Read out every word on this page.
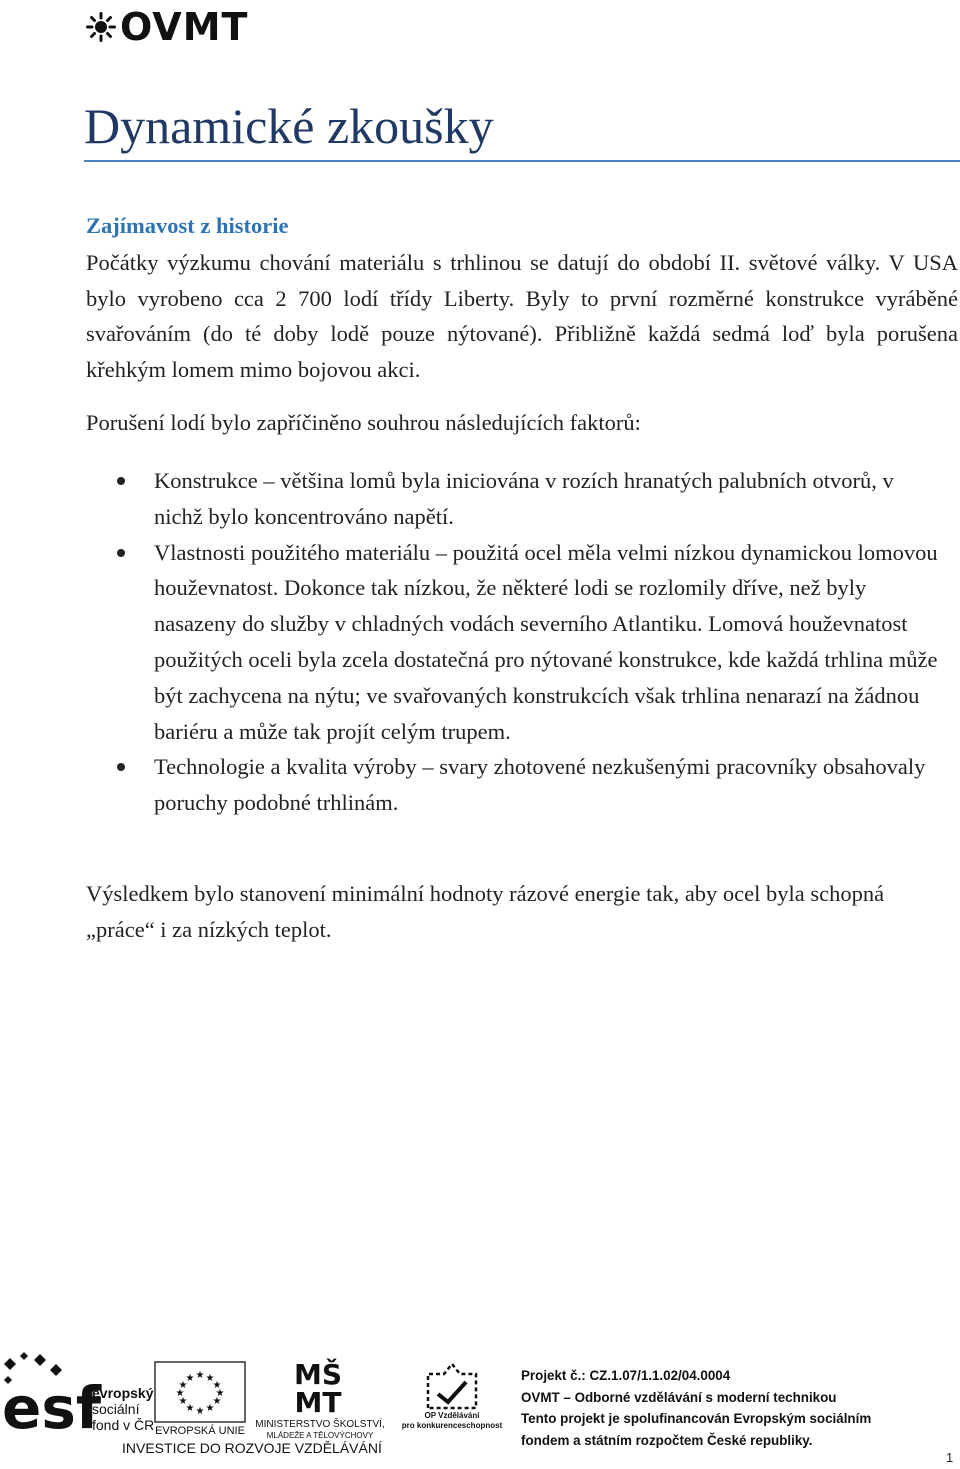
OVMT
Dynamické zkoušky
Zajímavost z historie

Počátky výzkumu chování materiálu s trhlinou se datují do období II. světové války. V USA bylo vyrobeno cca 2 700 lodí třídy Liberty. Byly to první rozměrné konstrukce vyráběné svařováním (do té doby lodě pouze nýtované). Přibližně každá sedmá loď byla porušena křehkým lomem mimo bojovou akci.

Porušení lodí bylo zapříčiněno souhrou následujících faktorů:

Konstrukce – většina lomů byla iniciována v rozích hranatých palubních otvorů, v nichž bylo koncentrováno napětí.
Vlastnosti použitého materiálu – použitá ocel měla velmi nízkou dynamickou lomovou houževnatost. Dokonce tak nízkou, že některé lodi se rozlomily dříve, než byly nasazeny do služby v chladných vodách severního Atlantiku. Lomová houževnatost použitých oceli byla zcela dostatečná pro nýtované konstrukce, kde každá trhlina může být zachycena na nýtu; ve svařovaných konstrukcích však trhlina nenarazí na žádnou bariéru a může tak projít celým trupem.
Technologie a kvalita výroby – svary zhotovené nezkušenými pracovníky obsahovaly poruchy podobné trhlinám.

Výsledkem bylo stanovení minimální hodnoty rázové energie tak, aby ocel byla schopná „práce“ i za nízkých teplot.

esf
evropský
sociální
fond v ČR
★ ★
★
★
★
★
★
★
★
★
★
★
EVROPSKÁ UNIE
MŠ
MT
MINISTERSTVO ŠKOLSTVÍ,
MLÁDEŽE A TĚLOVÝCHOVY
OP Vzdělávání
pro konkurenceschopnost
INVESTICE DO ROZVOJE VZDĚLÁVÁNÍ
Projekt č.: CZ.1.07/1.1.02/04.0004
OVMT – Odborné vzdělávání s moderní technikou
Tento projekt je spolufinancován Evropským sociálním
fondem a státním rozpočtem České republiky.
1
